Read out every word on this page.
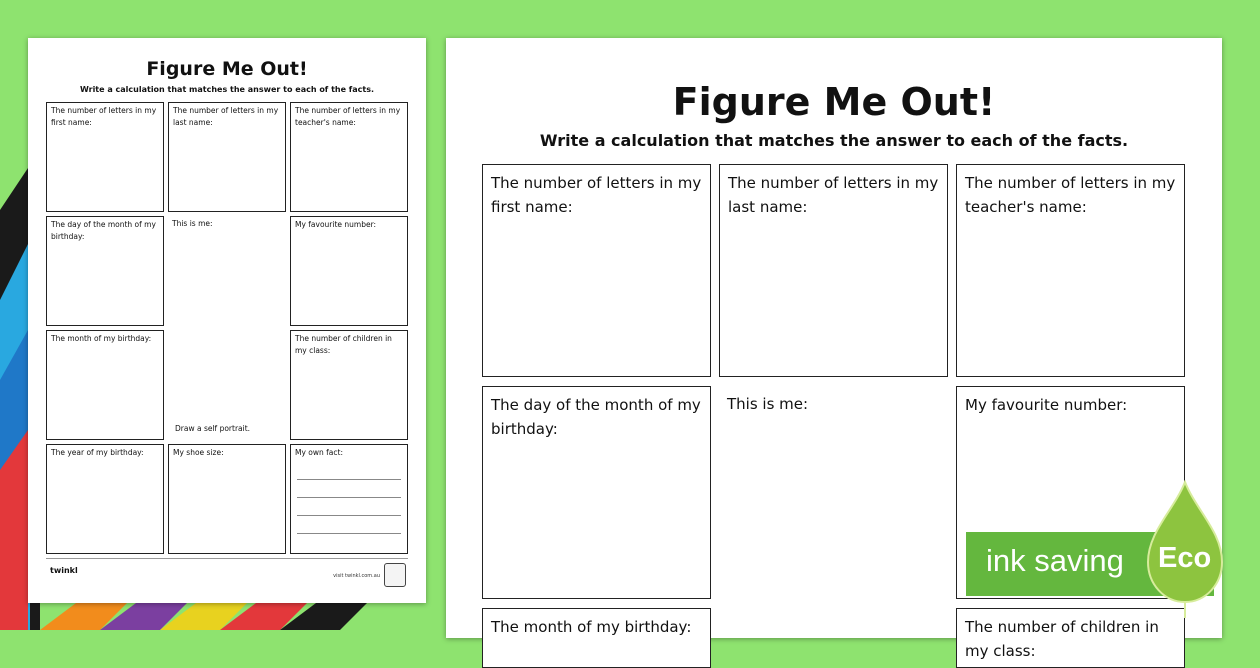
Figure Me Out!
Write a calculation that matches the answer to each of the facts.
The number of letters in my first name:
The number of letters in my last name:
The number of letters in my teacher's name:
The day of the month of my birthday:
This is me:
Draw a self portrait.
My favourite number:
The month of my birthday:	The number of children in my class:
The year of my birthday:	My shoe size:	My own fact:
twinkl
visit twinkl.com.au
Figure Me Out!
Write a calculation that matches the answer to each of the facts.
The number of letters in my first name:
The number of letters in my last name:
The number of letters in my teacher's name:
The day of the month of my birthday:
This is me:	My favourite number:
The month of my birthday:	The number of children in my class:
ink saving Eco
